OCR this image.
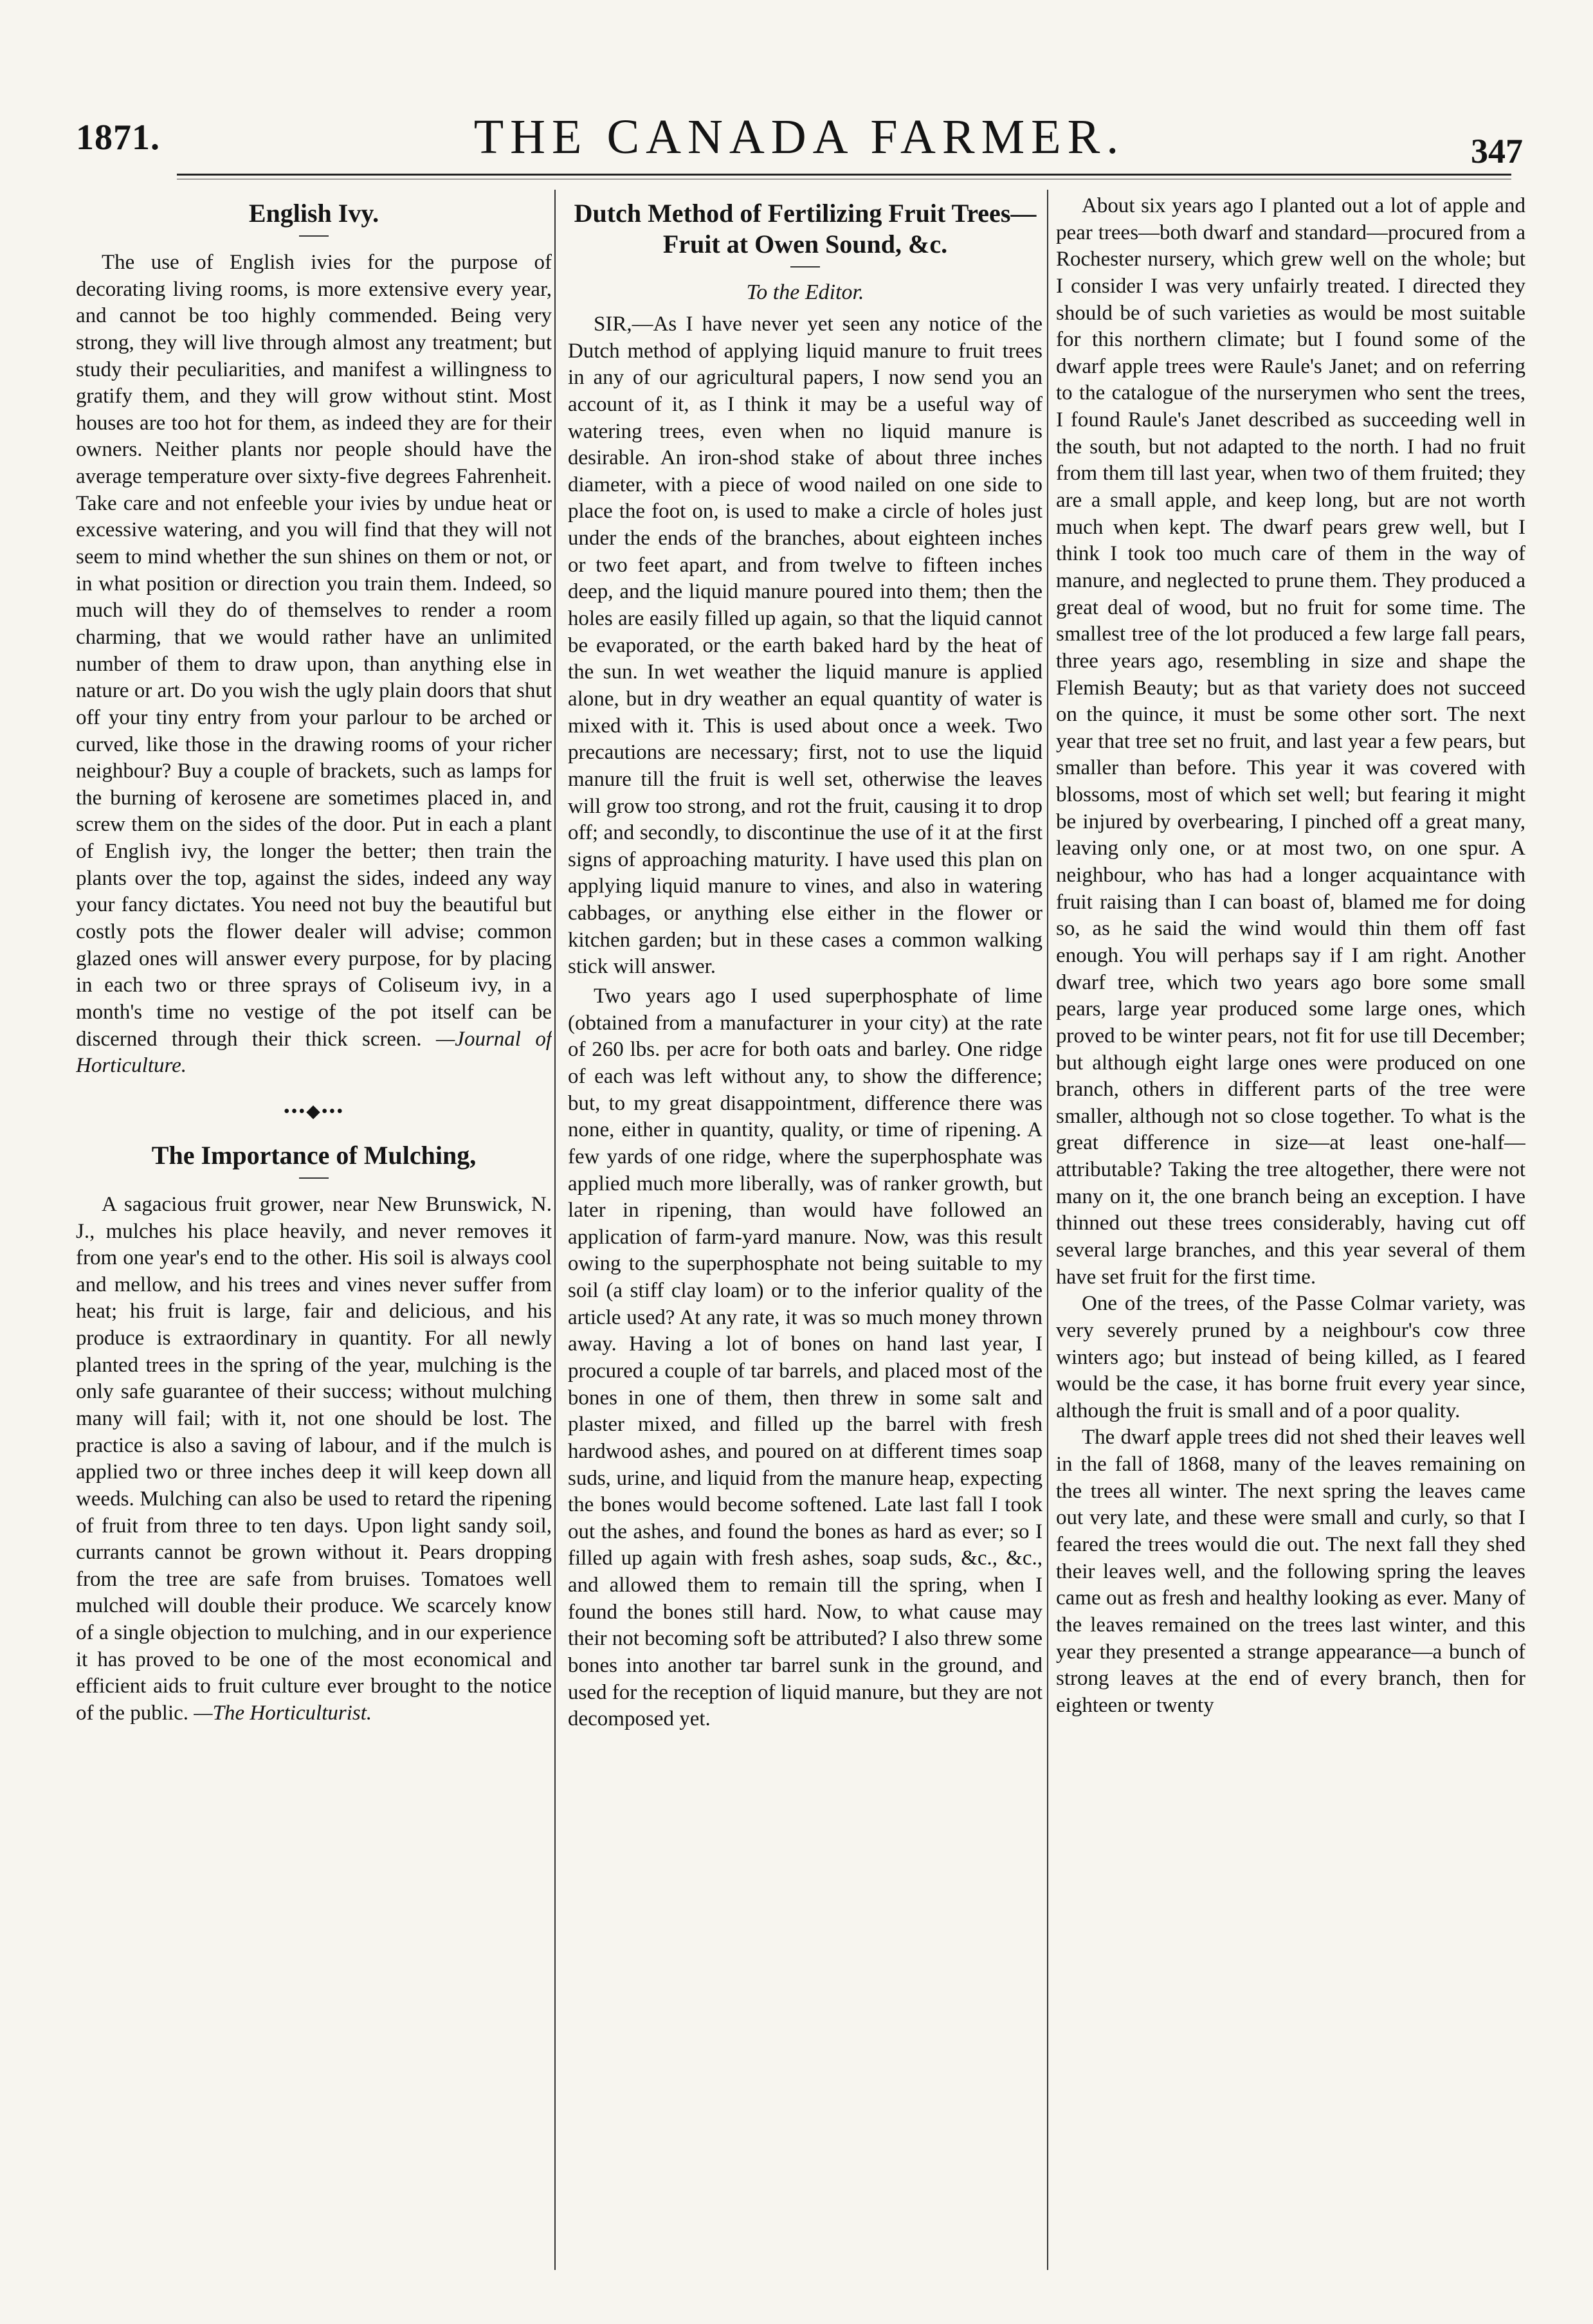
1871.	THE CANADA FARMER.	347
English Ivy.

The use of English ivies for the purpose of decorating living rooms, is more extensive every year, and cannot be too highly commended. Being very strong, they will live through almost any treatment; but study their peculiarities, and manifest a willingness to gratify them, and they will grow without stint. Most houses are too hot for them, as indeed they are for their owners. Neither plants nor people should have the average temperature over sixty-five degrees Fahrenheit. Take care and not enfeeble your ivies by undue heat or excessive watering, and you will find that they will not seem to mind whether the sun shines on them or not, or in what position or direction you train them. Indeed, so much will they do of themselves to render a room charming, that we would rather have an unlimited number of them to draw upon, than anything else in nature or art. Do you wish the ugly plain doors that shut off your tiny entry from your parlour to be arched or curved, like those in the drawing rooms of your richer neighbour? Buy a couple of brackets, such as lamps for the burning of kerosene are sometimes placed in, and screw them on the sides of the door. Put in each a plant of English ivy, the longer the better; then train the plants over the top, against the sides, indeed any way your fancy dictates. You need not buy the beautiful but costly pots the flower dealer will advise; common glazed ones will answer every purpose, for by placing in each two or three sprays of Coliseum ivy, in a month's time no vestige of the pot itself can be discerned through their thick screen. —Journal of Horticulture.

•••◆•••
The Importance of Mulching,

A sagacious fruit grower, near New Brunswick, N. J., mulches his place heavily, and never removes it from one year's end to the other. His soil is always cool and mellow, and his trees and vines never suffer from heat; his fruit is large, fair and delicious, and his produce is extraordinary in quantity. For all newly planted trees in the spring of the year, mulching is the only safe guarantee of their success; without mulching many will fail; with it, not one should be lost. The practice is also a saving of labour, and if the mulch is applied two or three inches deep it will keep down all weeds. Mulching can also be used to retard the ripening of fruit from three to ten days. Upon light sandy soil, currants cannot be grown without it. Pears dropping from the tree are safe from bruises. Tomatoes well mulched will double their produce. We scarcely know of a single objection to mulching, and in our experience it has proved to be one of the most economical and efficient aids to fruit culture ever brought to the notice of the public. —The Horticulturist.

Dutch Method of Fertilizing Fruit Trees—Fruit at Owen Sound, &c.
To the Editor.

SIR,—As I have never yet seen any notice of the Dutch method of applying liquid manure to fruit trees in any of our agricultural papers, I now send you an account of it, as I think it may be a useful way of watering trees, even when no liquid manure is desirable. An iron-shod stake of about three inches diameter, with a piece of wood nailed on one side to place the foot on, is used to make a circle of holes just under the ends of the branches, about eighteen inches or two feet apart, and from twelve to fifteen inches deep, and the liquid manure poured into them; then the holes are easily filled up again, so that the liquid cannot be evaporated, or the earth baked hard by the heat of the sun. In wet weather the liquid manure is applied alone, but in dry weather an equal quantity of water is mixed with it. This is used about once a week. Two precautions are necessary; first, not to use the liquid manure till the fruit is well set, otherwise the leaves will grow too strong, and rot the fruit, causing it to drop off; and secondly, to discontinue the use of it at the first signs of approaching maturity. I have used this plan on applying liquid manure to vines, and also in watering cabbages, or anything else either in the flower or kitchen garden; but in these cases a common walking stick will answer.

Two years ago I used superphosphate of lime (obtained from a manufacturer in your city) at the rate of 260 lbs. per acre for both oats and barley. One ridge of each was left without any, to show the difference; but, to my great disappointment, difference there was none, either in quantity, quality, or time of ripening. A few yards of one ridge, where the superphosphate was applied much more liberally, was of ranker growth, but later in ripening, than would have followed an application of farm-yard manure. Now, was this result owing to the superphosphate not being suitable to my soil (a stiff clay loam) or to the inferior quality of the article used? At any rate, it was so much money thrown away. Having a lot of bones on hand last year, I procured a couple of tar barrels, and placed most of the bones in one of them, then threw in some salt and plaster mixed, and filled up the barrel with fresh hardwood ashes, and poured on at different times soap suds, urine, and liquid from the manure heap, expecting the bones would become softened. Late last fall I took out the ashes, and found the bones as hard as ever; so I filled up again with fresh ashes, soap suds, &c., &c., and allowed them to remain till the spring, when I found the bones still hard. Now, to what cause may their not becoming soft be attributed? I also threw some bones into another tar barrel sunk in the ground, and used for the reception of liquid manure, but they are not decomposed yet.

About six years ago I planted out a lot of apple and pear trees—both dwarf and standard—procured from a Rochester nursery, which grew well on the whole; but I consider I was very unfairly treated. I directed they should be of such varieties as would be most suitable for this northern climate; but I found some of the dwarf apple trees were Raule's Janet; and on referring to the catalogue of the nurserymen who sent the trees, I found Raule's Janet described as succeeding well in the south, but not adapted to the north. I had no fruit from them till last year, when two of them fruited; they are a small apple, and keep long, but are not worth much when kept. The dwarf pears grew well, but I think I took too much care of them in the way of manure, and neglected to prune them. They produced a great deal of wood, but no fruit for some time. The smallest tree of the lot produced a few large fall pears, three years ago, resembling in size and shape the Flemish Beauty; but as that variety does not succeed on the quince, it must be some other sort. The next year that tree set no fruit, and last year a few pears, but smaller than before. This year it was covered with blossoms, most of which set well; but fearing it might be injured by overbearing, I pinched off a great many, leaving only one, or at most two, on one spur. A neighbour, who has had a longer acquaintance with fruit raising than I can boast of, blamed me for doing so, as he said the wind would thin them off fast enough. You will perhaps say if I am right. Another dwarf tree, which two years ago bore some small pears, large year produced some large ones, which proved to be winter pears, not fit for use till December; but although eight large ones were produced on one branch, others in different parts of the tree were smaller, although not so close together. To what is the great difference in size—at least one-half—attributable? Taking the tree altogether, there were not many on it, the one branch being an exception. I have thinned out these trees considerably, having cut off several large branches, and this year several of them have set fruit for the first time.

One of the trees, of the Passe Colmar variety, was very severely pruned by a neighbour's cow three winters ago; but instead of being killed, as I feared would be the case, it has borne fruit every year since, although the fruit is small and of a poor quality.

The dwarf apple trees did not shed their leaves well in the fall of 1868, many of the leaves remaining on the trees all winter. The next spring the leaves came out very late, and these were small and curly, so that I feared the trees would die out. The next fall they shed their leaves well, and the following spring the leaves came out as fresh and healthy looking as ever. Many of the leaves remained on the trees last winter, and this year they presented a strange appearance—a bunch of strong leaves at the end of every branch, then for eighteen or twenty
